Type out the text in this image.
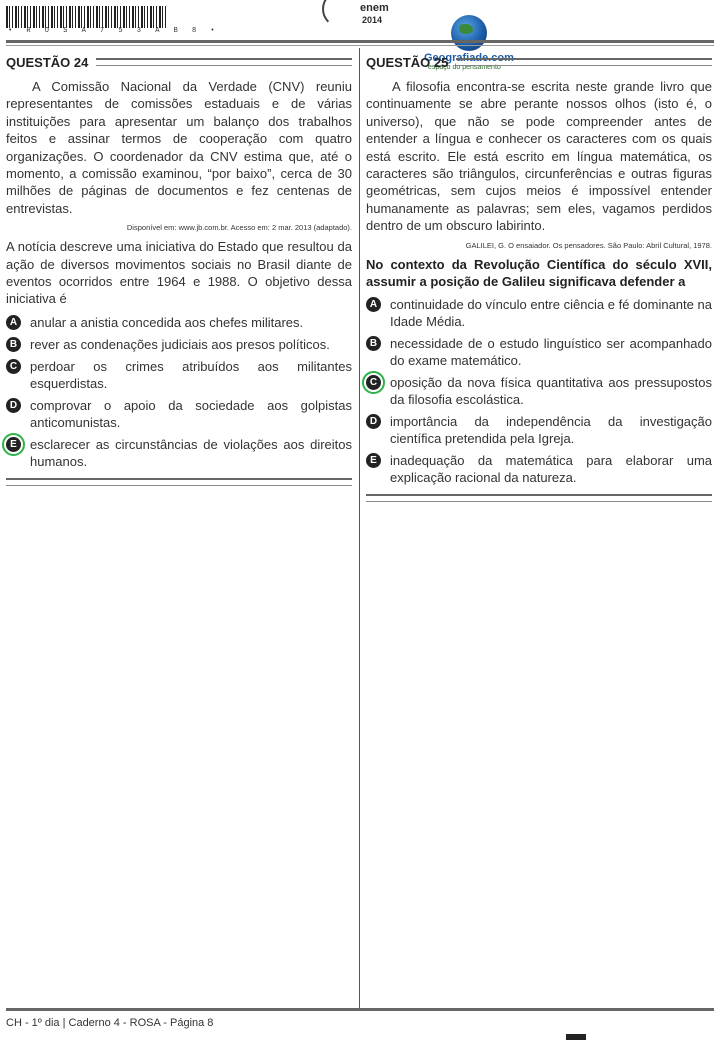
• R O S A 7 5 3 A B 8 •
enem
2014
Geografiade.com
espaço do pensamento
QUESTÃO 24

A Comissão Nacional da Verdade (CNV) reuniu representantes de comissões estaduais e de várias instituições para apresentar um balanço dos trabalhos feitos e assinar termos de cooperação com quatro organizações. O coordenador da CNV estima que, até o momento, a comissão examinou, “por baixo”, cerca de 30 milhões de páginas de documentos e fez centenas de entrevistas.

Disponível em: www.jb.com.br. Acesso em: 2 mar. 2013 (adaptado).

A notícia descreve uma iniciativa do Estado que resultou da ação de diversos movimentos sociais no Brasil diante de eventos ocorridos entre 1964 e 1988. O objetivo dessa iniciativa é

A anular a anistia concedida aos chefes militares.
B rever as condenações judiciais aos presos políticos.
C perdoar os crimes atribuídos aos militantes esquerdistas.
D comprovar o apoio da sociedade aos golpistas anticomunistas.
E	esclarecer as circunstâncias de violações aos direitos humanos.
QUESTÃO 25

A filosofia encontra-se escrita neste grande livro que continuamente se abre perante nossos olhos (isto é, o universo), que não se pode compreender antes de entender a língua e conhecer os caracteres com os quais está escrito. Ele está escrito em língua matemática, os caracteres são triângulos, circunferências e outras figuras geométricas, sem cujos meios é impossível entender humanamente as palavras; sem eles, vagamos perdidos dentro de um obscuro labirinto.

GALILEI, G. O ensaiador. Os pensadores. São Paulo: Abril Cultural, 1978.

No contexto da Revolução Científica do século XVII, assumir a posição de Galileu significava defender a

A continuidade do vínculo entre ciência e fé dominante na Idade Média.
B necessidade de o estudo linguístico ser acompanhado do exame matemático.
C oposição da nova física quantitativa aos pressupostos da filosofia escolástica.
D importância da independência da investigação científica pretendida pela Igreja.
E	inadequação da matemática para elaborar uma explicação racional da natureza.
CH - 1º dia | Caderno 4 - ROSA - Página 8
